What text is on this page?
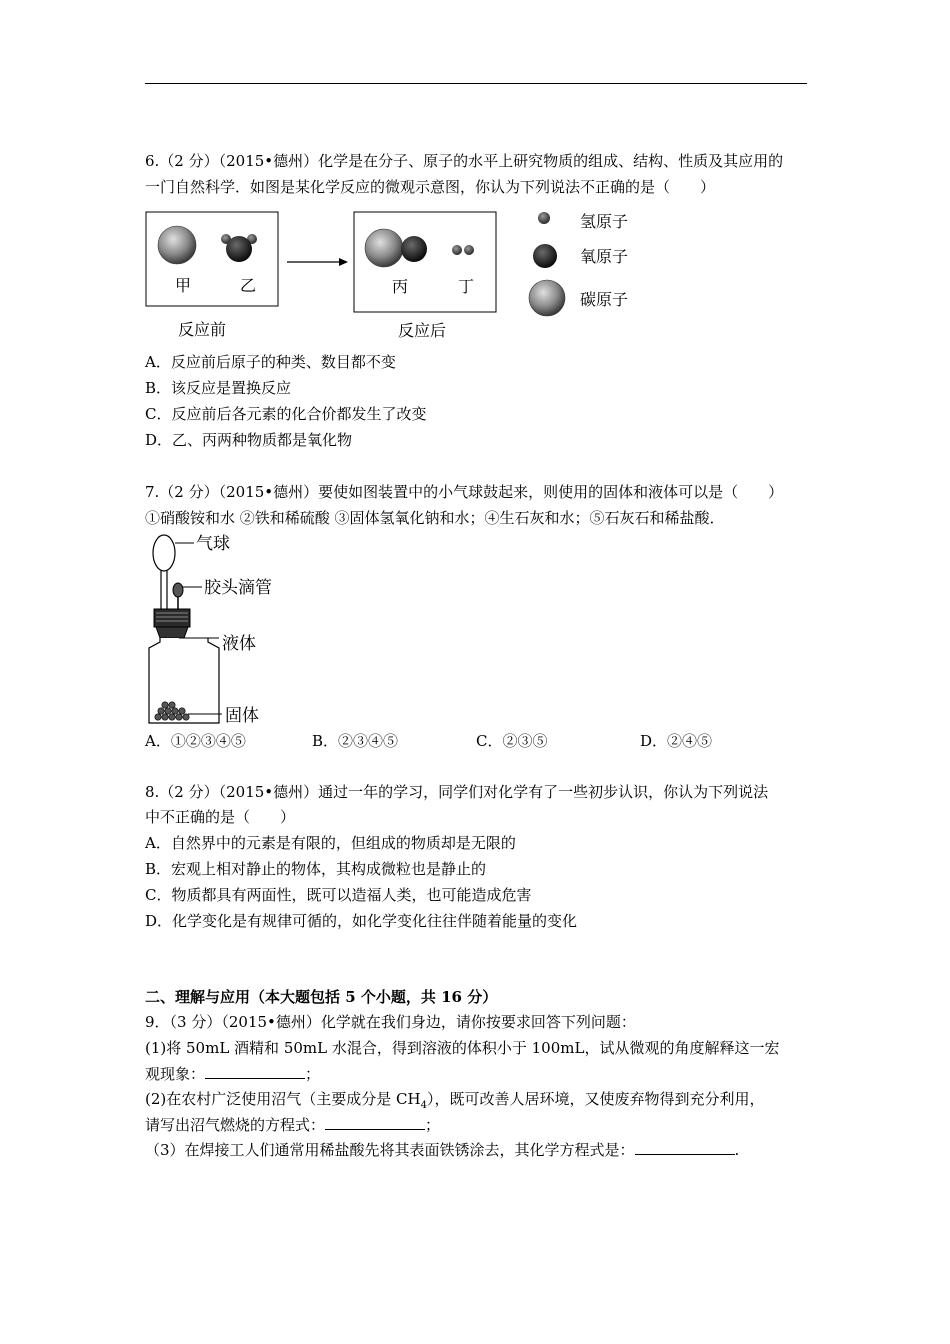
6.（2 分）（2015•德州）化学是在分子、原子的水平上研究物质的组成、结构、性质及其应用的
一门自然科学．如图是某化学反应的微观示意图，你认为下列说法不正确的是（　　）
甲	乙
反应前
丙	丁
反应后
氢原子
氧原子
碳原子
A．反应前后原子的种类、数目都不变
B．该反应是置换反应
C．反应前后各元素的化合价都发生了改变
D．乙、丙两种物质都是氧化物
7.（2 分）（2015•德州）要使如图装置中的小气球鼓起来，则使用的固体和液体可以是（　　）
①硝酸铵和水 ②铁和稀硫酸 ③固体氢氧化钠和水；④生石灰和水；⑤石灰石和稀盐酸．
气球
胶头滴管
液体
固体
A．①②③④⑤	B．②③④⑤	C．②③⑤	D．②④⑤
8.（2 分）（2015•德州）通过一年的学习，同学们对化学有了一些初步认识，你认为下列说法
中不正确的是（　　）
A．自然界中的元素是有限的，但组成的物质却是无限的
B．宏观上相对静止的物体，其构成微粒也是静止的
C．物质都具有两面性，既可以造福人类，也可能造成危害
D．化学变化是有规律可循的，如化学变化往往伴随着能量的变化
二、理解与应用（本大题包括 5 个小题，共 16 分）
9．（3 分）（2015•德州）化学就在我们身边，请你按要求回答下列问题：
(1)将 50mL 酒精和 50mL 水混合，得到溶液的体积小于 100mL，试从微观的角度解释这一宏
观现象：	；
(2)在农村广泛使用沼气（主要成分是 $CH_4$），既可改善人居环境，又使废弃物得到充分利用，
请写出沼气燃烧的方程式：	；
（3）在焊接工人们通常用稀盐酸先将其表面铁锈涂去，其化学方程式是：	.
